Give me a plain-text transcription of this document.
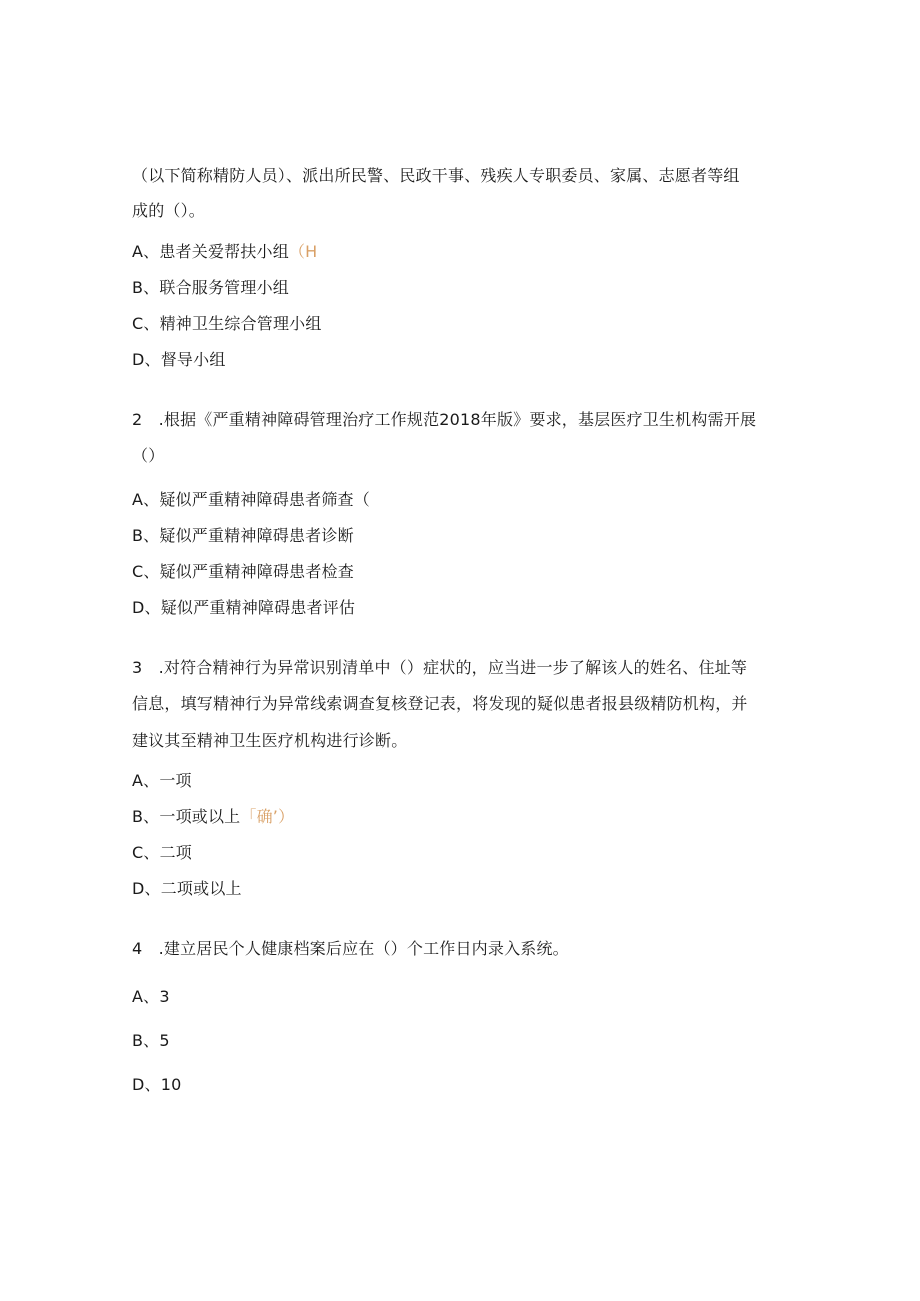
（以下简称精防人员）、派出所民警、民政干事、残疾人专职委员、家属、志愿者等组
成的（）。
A、患者关爱帮扶小组（H
B、联合服务管理小组
C、精神卫生综合管理小组
D、督导小组
2　.根据《严重精神障碍管理治疗工作规范2018年版》要求，基层医疗卫生机构需开展
（）
A、疑似严重精神障碍患者筛查（
B、疑似严重精神障碍患者诊断
C、疑似严重精神障碍患者检查
D、疑似严重精神障碍患者评估
3　.对符合精神行为异常识别清单中（）症状的，应当进一步了解该人的姓名、住址等
信息，填写精神行为异常线索调查复核登记表，将发现的疑似患者报县级精防机构，并
建议其至精神卫生医疗机构进行诊断。
A、一项
B、一项或以上「确’）
C、二项
D、二项或以上
4　.建立居民个人健康档案后应在（）个工作日内录入系统。
A、3
B、5
D、10
